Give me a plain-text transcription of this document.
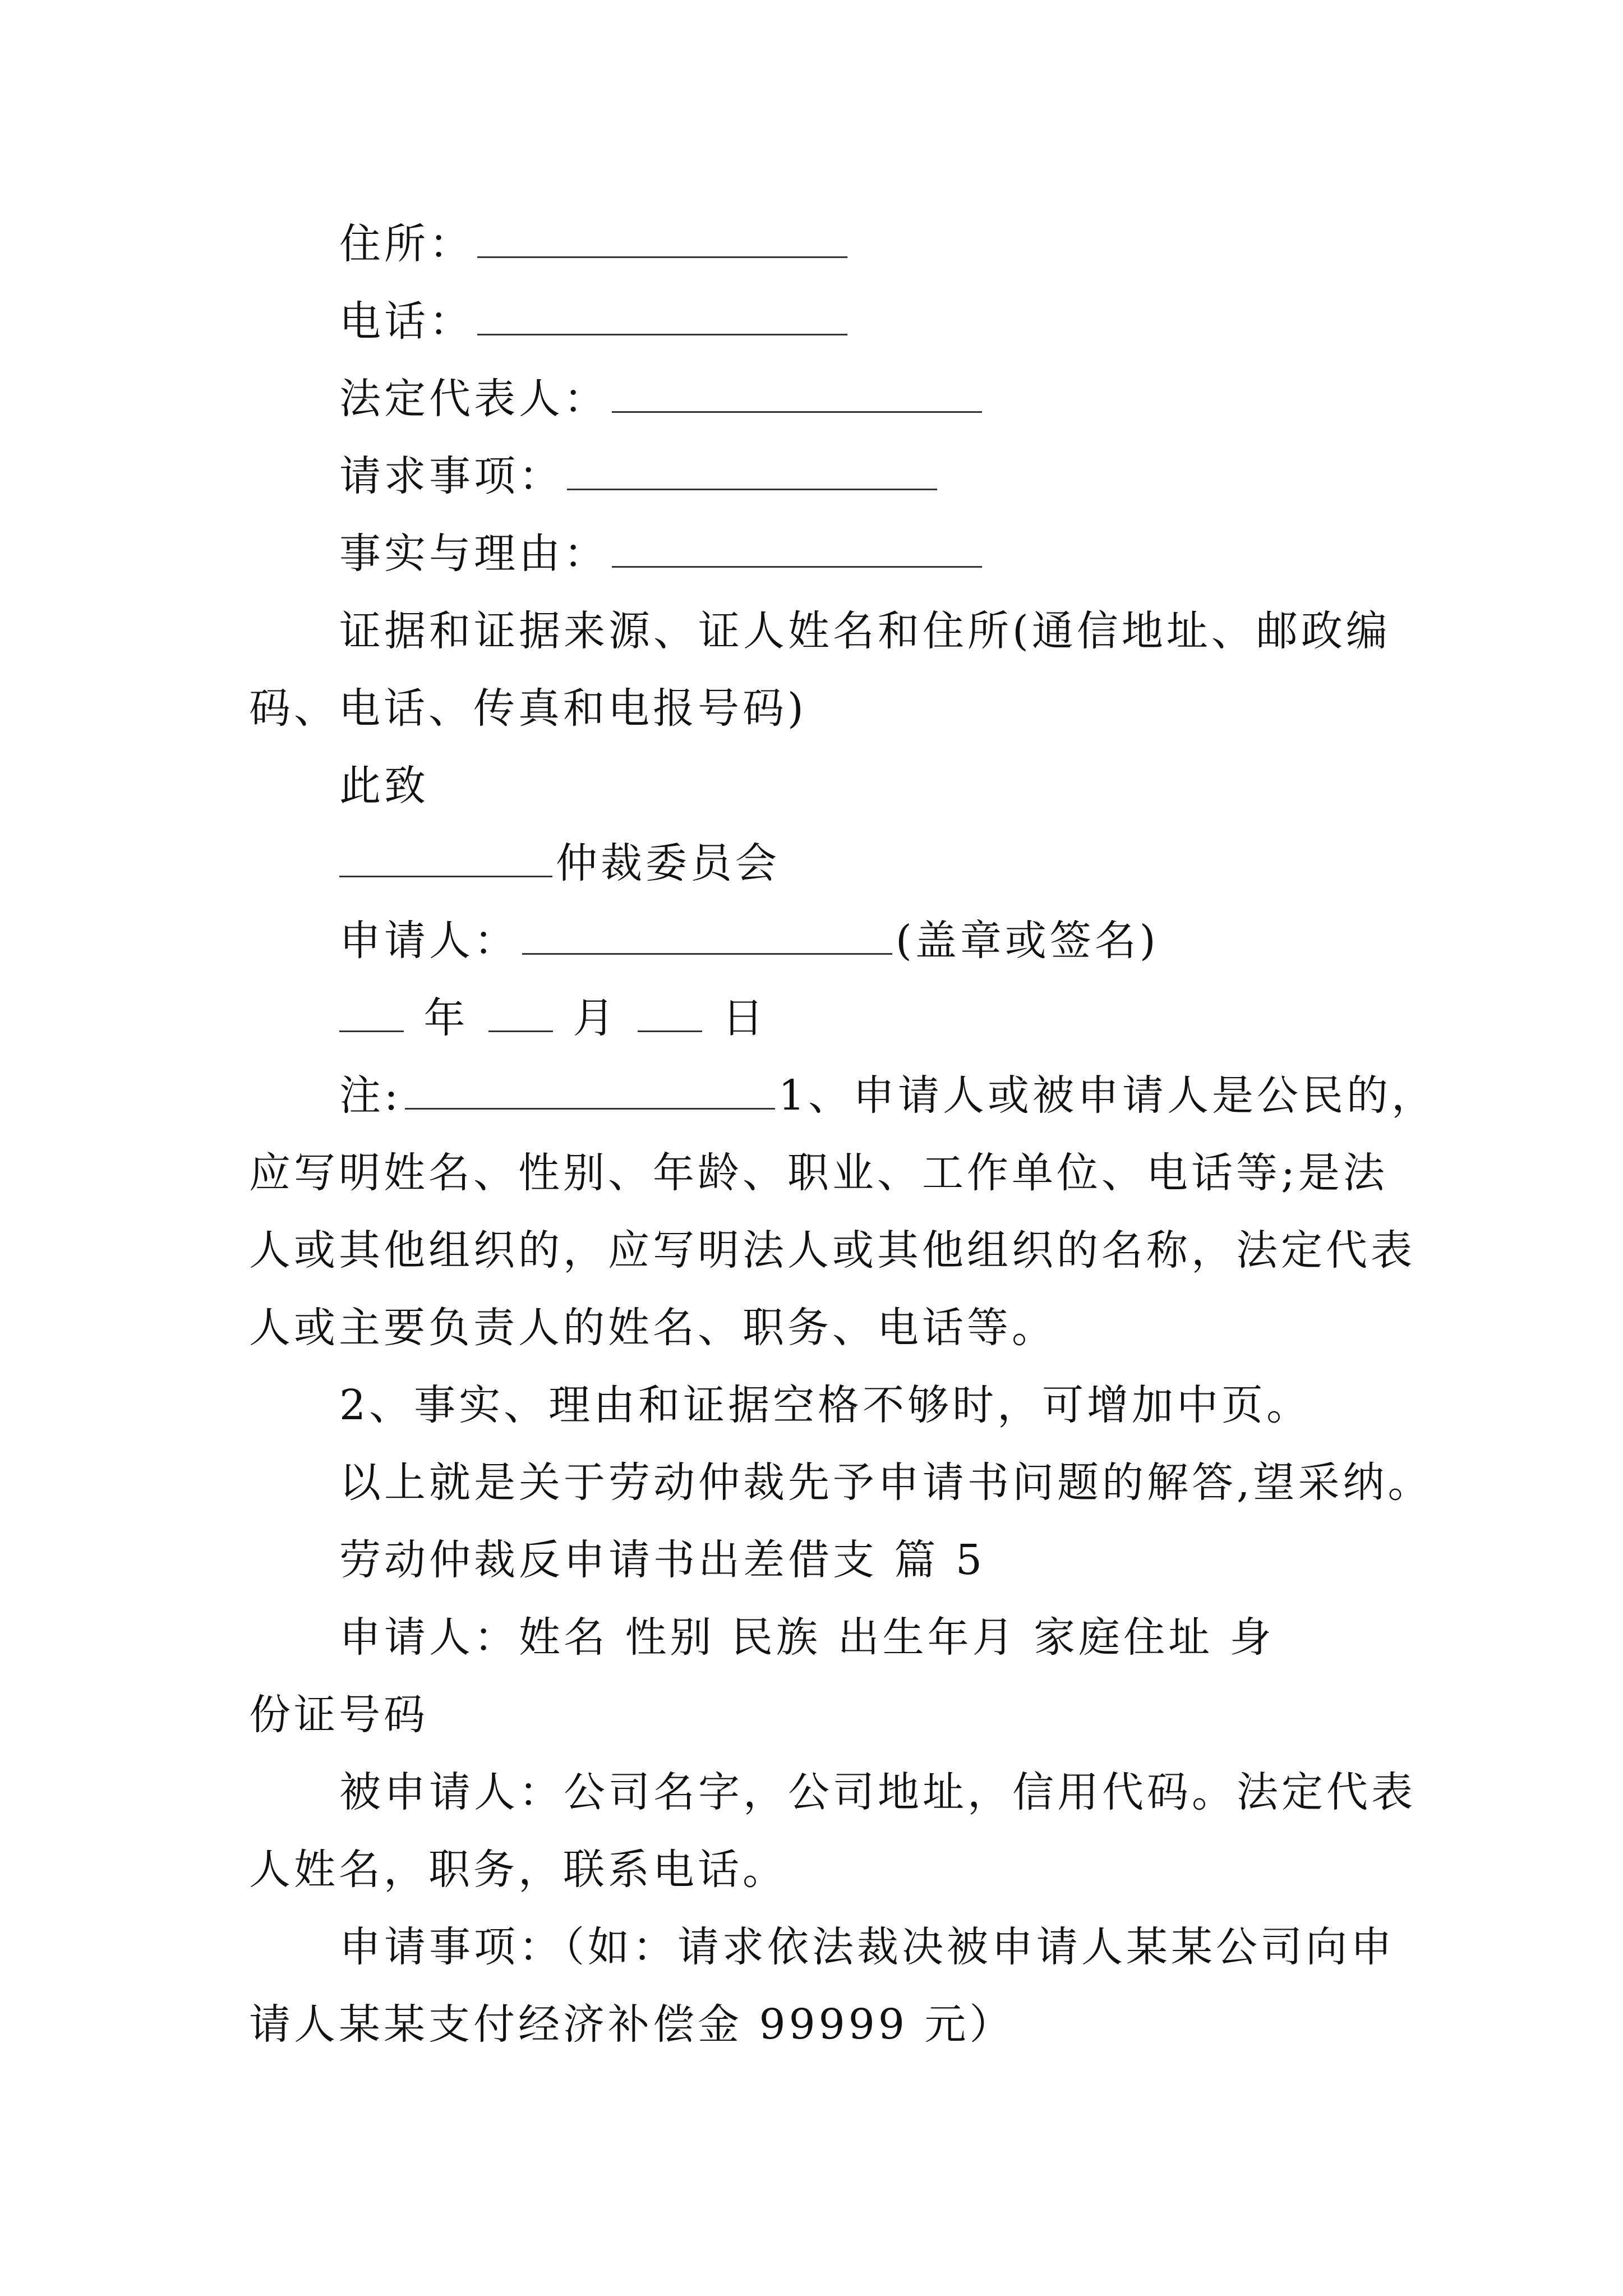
住所：
电话：
法定代表人：
请求事项：
事实与理由：
证据和证据来源、证人姓名和住所(通信地址、邮政编
码、电话、传真和电报号码)
此致
仲裁委员会
申请人：	(盖章或签名)
年	月	日
注:	1、申请人或被申请人是公民的，
应写明姓名、性别、年龄、职业、工作单位、电话等;是法
人或其他组织的，应写明法人或其他组织的名称，法定代表
人或主要负责人的姓名、职务、电话等。
2、事实、理由和证据空格不够时，可增加中页。
以上就是关于劳动仲裁先予申请书问题的解答,望采纳。
劳动仲裁反申请书出差借支 篇 5
申请人：姓名 性别 民族 出生年月 家庭住址 身
份证号码
被申请人：公司名字，公司地址，信用代码。法定代表
人姓名，职务，联系电话。
申请事项：（如：请求依法裁决被申请人某某公司向申
请人某某支付经济补偿金 99999 元）
